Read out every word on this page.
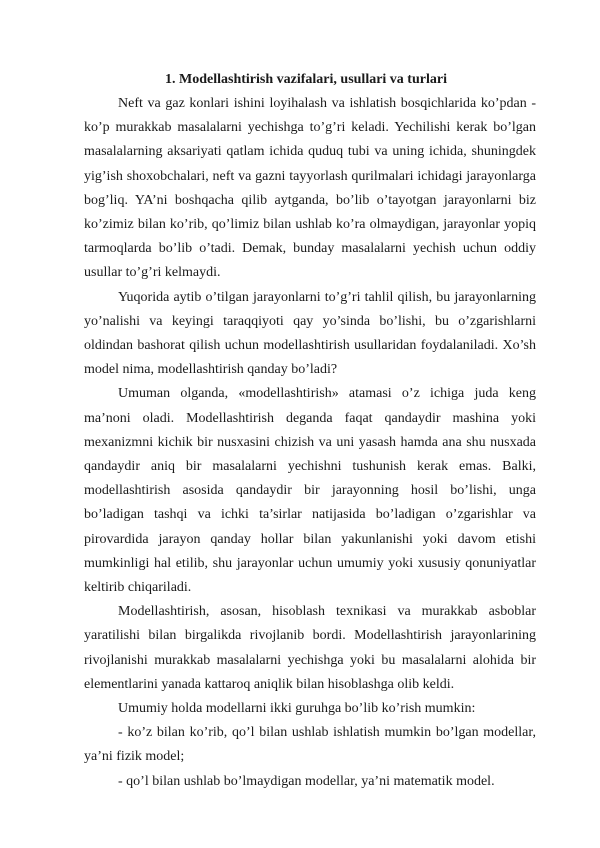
1. Modellashtirish vazifalari, usullari va turlari

Neft va gaz konlari ishini loyihalash va ishlatish bosqichlarida ko’pdan - ko’p murakkab masalalarni yechishga to’g’ri keladi. Yechilishi kerak bo’lgan masalalarning aksariyati qatlam ichida quduq tubi va uning ichida, shuningdek yig’ish shoxobchalari, neft va gazni tayyorlash qurilmalari ichidagi jarayonlarga bog’liq. YA’ni boshqacha qilib aytganda, bo’lib o’tayotgan jarayonlarni biz ko’zimiz bilan ko’rib, qo’limiz bilan ushlab ko’ra olmaydigan, jarayonlar yopiq tarmoqlarda bo’lib o’tadi. Demak, bunday masalalarni yechish uchun oddiy usullar to’g’ri kelmaydi.

Yuqorida aytib o’tilgan jarayonlarni to’g’ri tahlil qilish, bu jarayonlarning yo’nalishi va keyingi taraqqiyoti qay yo’sinda bo’lishi, bu o’zgarishlarni oldindan bashorat qilish uchun modellashtirish usullaridan foydalaniladi. Xo’sh model nima, modellashtirish qanday bo’ladi?

Umuman olganda, «modellashtirish» atamasi o’z ichiga juda keng ma’noni oladi. Modellashtirish deganda faqat qandaydir mashina yoki mexanizmni kichik bir nusxasini chizish va uni yasash hamda ana shu nusxada qandaydir aniq bir masalalarni yechishni tushunish kerak emas. Balki, modellashtirish asosida qandaydir bir jarayonning hosil bo’lishi, unga bo’ladigan tashqi va ichki ta’sirlar natijasida bo’ladigan o’zgarishlar va pirovardida jarayon qanday hollar bilan yakunlanishi yoki davom etishi mumkinligi hal etilib, shu jarayonlar uchun umumiy yoki xususiy qonuniyatlar keltirib chiqariladi.

Modellashtirish, asosan, hisoblash texnikasi va murakkab asboblar yaratilishi bilan birgalikda rivojlanib bordi. Modellashtirish jarayonlarining rivojlanishi murakkab masalalarni yechishga yoki bu masalalarni alohida bir elementlarini yanada kattaroq aniqlik bilan hisoblashga olib keldi.

Umumiy holda modellarni ikki guruhga bo’lib ko’rish mumkin:

- ko’z bilan ko’rib, qo’l bilan ushlab ishlatish mumkin bo’lgan modellar, ya’ni fizik model;

- qo’l bilan ushlab bo’lmaydigan modellar, ya’ni matematik model.
